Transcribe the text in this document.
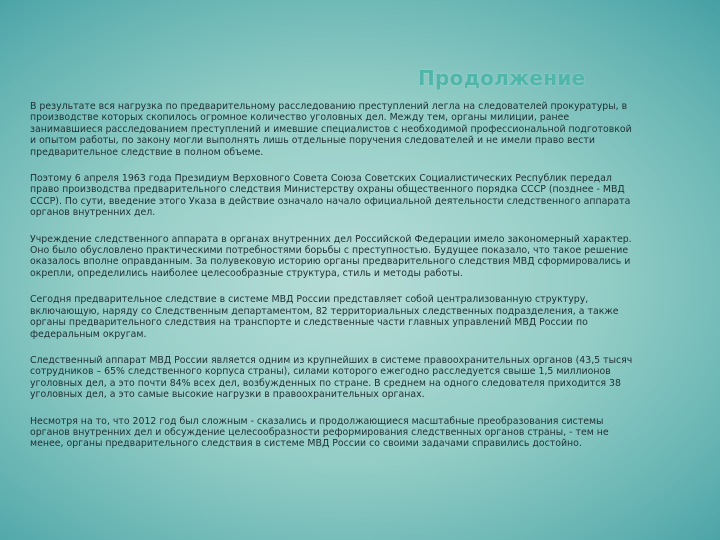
Продолжение

В результате вся нагрузка по предварительному расследованию преступлений легла на следователей прокуратуры, в производстве которых скопилось огромное количество уголовных дел. Между тем, органы милиции, ранее занимавшиеся расследованием преступлений и имевшие специалистов с необходимой профессиональной подготовкой и опытом работы, по закону могли выполнять лишь отдельные поручения следователей и не имели право вести предварительное следствие в полном объеме.

Поэтому 6 апреля 1963 года Президиум Верховного Совета Союза Советских Социалистических Республик передал право производства предварительного следствия Министерству охраны общественного порядка СССР (позднее - МВД СССР). По сути, введение этого Указа в действие означало начало официальной деятельности следственного аппарата органов внутренних дел.

Учреждение следственного аппарата в органах внутренних дел Российской Федерации имело закономерный характер. Оно было обусловлено практическими потребностями борьбы с преступностью. Будущее показало, что такое решение оказалось вполне оправданным. За полувековую историю органы предварительного следствия МВД сформировались и окрепли, определились наиболее целесообразные структура, стиль и методы работы.

Сегодня предварительное следствие в системе МВД России представляет собой централизованную структуру, включающую, наряду со Следственным департаментом, 82 территориальных следственных подразделения, а также органы предварительного следствия на транспорте и следственные части главных управлений МВД России по федеральным округам.

Следственный аппарат МВД России является одним из крупнейших в системе правоохранительных органов (43,5 тысяч сотрудников – 65% следственного корпуса страны), силами которого ежегодно расследуется свыше 1,5 миллионов уголовных дел, а это почти 84% всех дел, возбужденных по стране. В среднем на одного следователя приходится 38 уголовных дел, а это самые высокие нагрузки в правоохранительных органах.

Несмотря на то, что 2012 год был сложным - сказались и продолжающиеся масштабные преобразования системы органов внутренних дел и обсуждение целесообразности реформирования следственных органов страны, - тем не менее, органы предварительного следствия в системе МВД России со своими задачами справились достойно.
